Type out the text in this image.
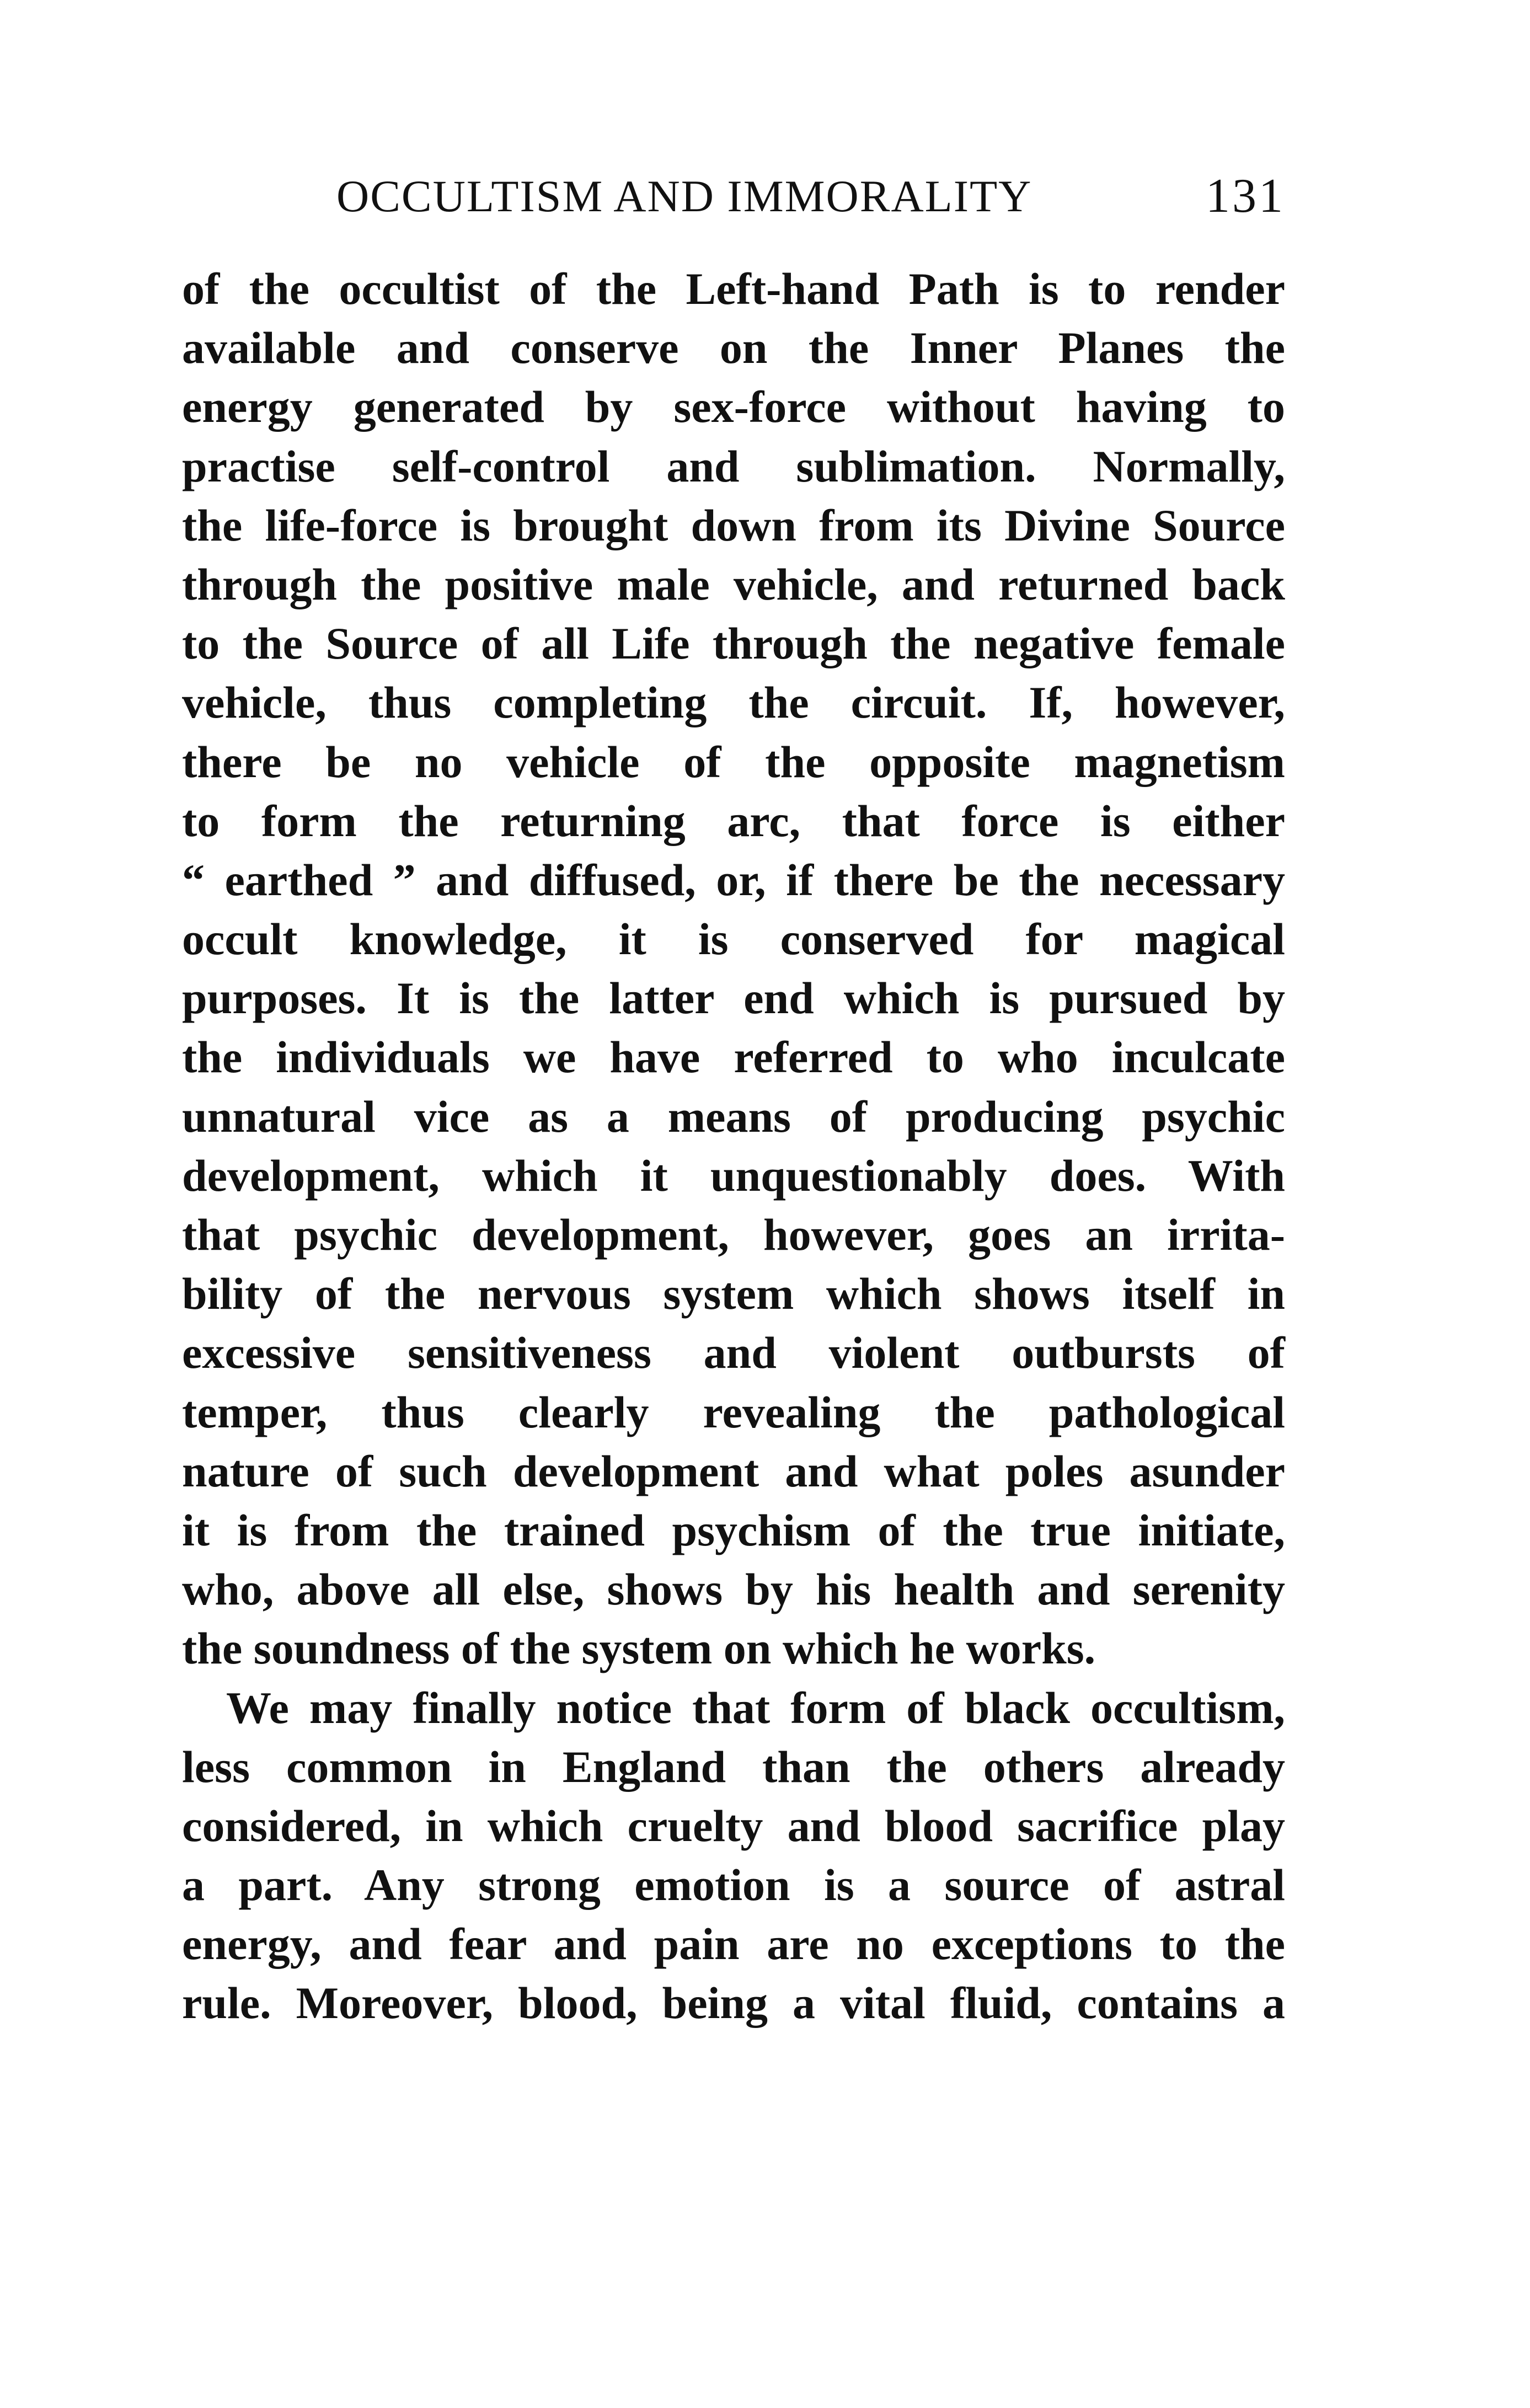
OCCULTISM AND IMMORALITY	131
of the occultist of the Left-hand Path is to render
available and conserve on the Inner Planes the
energy generated by sex-force without having to
practise self-control and sublimation. Normally,
the life-force is brought down from its Divine Source
through the positive male vehicle, and returned back
to the Source of all Life through the negative female
vehicle, thus completing the circuit. If, however,
there be no vehicle of the opposite magnetism
to form the returning arc, that force is either
“ earthed ” and diffused, or, if there be the necessary
occult knowledge, it is conserved for magical
purposes. It is the latter end which is pursued by
the individuals we have referred to who inculcate
unnatural vice as a means of producing psychic
development, which it unquestionably does. With
that psychic development, however, goes an irrita-
bility of the nervous system which shows itself in
excessive sensitiveness and violent outbursts of
temper, thus clearly revealing the pathological
nature of such development and what poles asunder
it is from the trained psychism of the true initiate,
who, above all else, shows by his health and serenity
the soundness of the system on which he works.
We may finally notice that form of black occultism,
less common in England than the others already
considered, in which cruelty and blood sacrifice play
a part. Any strong emotion is a source of astral
energy, and fear and pain are no exceptions to the
rule. Moreover, blood, being a vital fluid, contains a
